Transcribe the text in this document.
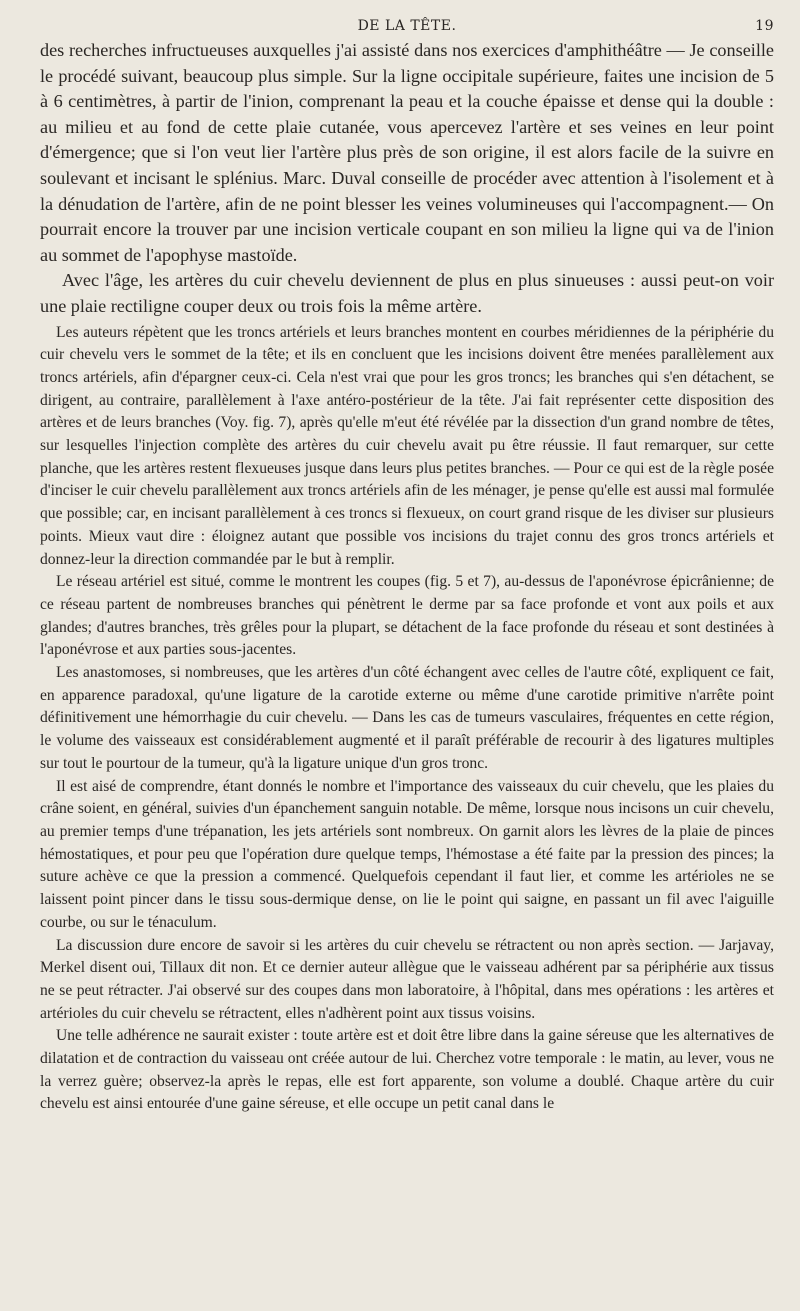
DE LA TÊTE.	19

des recherches infructueuses auxquelles j'ai assisté dans nos exercices d'amphithéâtre — Je conseille le procédé suivant, beaucoup plus simple. Sur la ligne occipitale supérieure, faites une incision de 5 à 6 centimètres, à partir de l'inion, comprenant la peau et la couche épaisse et dense qui la double : au milieu et au fond de cette plaie cutanée, vous apercevez l'artère et ses veines en leur point d'émergence; que si l'on veut lier l'artère plus près de son origine, il est alors facile de la suivre en soulevant et incisant le splénius. Marc. Duval conseille de procéder avec attention à l'isolement et à la dénudation de l'artère, afin de ne point blesser les veines volumineuses qui l'accompagnent.— On pourrait encore la trouver par une incision verticale coupant en son milieu la ligne qui va de l'inion au sommet de l'apophyse mastoïde.

Avec l'âge, les artères du cuir chevelu deviennent de plus en plus sinueuses : aussi peut-on voir une plaie rectiligne couper deux ou trois fois la même artère.

Les auteurs répètent que les troncs artériels et leurs branches montent en courbes méridiennes de la périphérie du cuir chevelu vers le sommet de la tête; et ils en concluent que les incisions doivent être menées parallèlement aux troncs artériels, afin d'épargner ceux-ci. Cela n'est vrai que pour les gros troncs; les branches qui s'en détachent, se dirigent, au contraire, parallèlement à l'axe antéro-postérieur de la tête. J'ai fait représenter cette disposition des artères et de leurs branches (Voy. fig. 7), après qu'elle m'eut été révélée par la dissection d'un grand nombre de têtes, sur lesquelles l'injection complète des artères du cuir chevelu avait pu être réussie. Il faut remarquer, sur cette planche, que les artères restent flexueuses jusque dans leurs plus petites branches. — Pour ce qui est de la règle posée d'inciser le cuir chevelu parallèlement aux troncs artériels afin de les ménager, je pense qu'elle est aussi mal formulée que possible; car, en incisant parallèlement à ces troncs si flexueux, on court grand risque de les diviser sur plusieurs points. Mieux vaut dire : éloignez autant que possible vos incisions du trajet connu des gros troncs artériels et donnez-leur la direction commandée par le but à remplir.

Le réseau artériel est situé, comme le montrent les coupes (fig. 5 et 7), au-dessus de l'aponévrose épicrânienne; de ce réseau partent de nombreuses branches qui pénètrent le derme par sa face profonde et vont aux poils et aux glandes; d'autres branches, très grêles pour la plupart, se détachent de la face profonde du réseau et sont destinées à l'aponévrose et aux parties sous-jacentes.

Les anastomoses, si nombreuses, que les artères d'un côté échangent avec celles de l'autre côté, expliquent ce fait, en apparence paradoxal, qu'une ligature de la carotide externe ou même d'une carotide primitive n'arrête point définitivement une hémorrhagie du cuir chevelu. — Dans les cas de tumeurs vasculaires, fréquentes en cette région, le volume des vaisseaux est considérablement augmenté et il paraît préférable de recourir à des ligatures multiples sur tout le pourtour de la tumeur, qu'à la ligature unique d'un gros tronc.

Il est aisé de comprendre, étant donnés le nombre et l'importance des vaisseaux du cuir chevelu, que les plaies du crâne soient, en général, suivies d'un épanchement sanguin notable. De même, lorsque nous incisons un cuir chevelu, au premier temps d'une trépanation, les jets artériels sont nombreux. On garnit alors les lèvres de la plaie de pinces hémostatiques, et pour peu que l'opération dure quelque temps, l'hémostase a été faite par la pression des pinces; la suture achève ce que la pression a commencé. Quelquefois cependant il faut lier, et comme les artérioles ne se laissent point pincer dans le tissu sous-dermique dense, on lie le point qui saigne, en passant un fil avec l'aiguille courbe, ou sur le ténaculum.

La discussion dure encore de savoir si les artères du cuir chevelu se rétractent ou non après section. — Jarjavay, Merkel disent oui, Tillaux dit non. Et ce dernier auteur allègue que le vaisseau adhérent par sa périphérie aux tissus ne se peut rétracter. J'ai observé sur des coupes dans mon laboratoire, à l'hôpital, dans mes opérations : les artères et artérioles du cuir chevelu se rétractent, elles n'adhèrent point aux tissus voisins.

Une telle adhérence ne saurait exister : toute artère est et doit être libre dans la gaine séreuse que les alternatives de dilatation et de contraction du vaisseau ont créée autour de lui. Cherchez votre temporale : le matin, au lever, vous ne la verrez guère; observez-la après le repas, elle est fort apparente, son volume a doublé. Chaque artère du cuir chevelu est ainsi entourée d'une gaine séreuse, et elle occupe un petit canal dans le
